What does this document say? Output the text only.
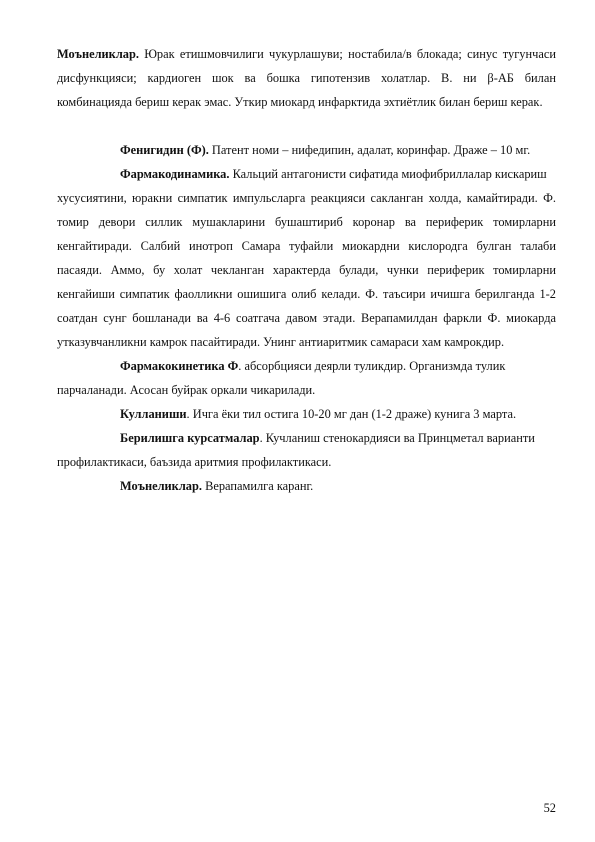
Моънеликлар. Юрак етишмовчилиги чукурлашуви; ностабила/в блокада; синус тугунчаси дисфункцияси; кардиоген шок ва бошка гипотензив холатлар. В. ни β-АБ билан комбинацияда бериш керак эмас. Уткир миокард инфарктида эхтиётлик билан бериш керак.

Фенигидин (Ф). Патент номи – нифедипин, адалат, коринфар. Драже – 10 мг.

Фармакодинамика. Кальций антагонисти сифатида миофибриллалар кискариш

хусусиятини, юракни симпатик импульсларга реакцияси сакланган холда, камайтиради. Ф. томир девори силлик мушакларини бушаштириб коронар ва периферик томирларни кенгайтиради. Салбий инотроп Самара туфайли миокардни кислородга булган талаби пасаяди. Аммо, бу холат чекланган характерда булади, чунки периферик томирларни кенгайиши симпатик фаолликни ошишига олиб келади. Ф. таъсири ичишга берилганда 1-2 соатдан сунг бошланади ва 4-6 соатгача давом этади. Верапамилдан фаркли Ф. миокарда утказувчанликни камрок пасайтиради. Унинг антиаритмик самараси хам камрокдир.

Фармакокинетика Ф. абсорбцияси деярли туликдир. Организмда тулик

парчаланади. Асосан буйрак оркали чикарилади.

Кулланиши. Ичга ёки тил остига 10-20 мг дан (1-2 драже) кунига 3 марта.

Берилишга курсатмалар. Кучланиш стенокардияси ва Принцметал варианти

профилактикаси, баъзида аритмия профилактикаси.

Моънеликлар. Верапамилга каранг.

52
